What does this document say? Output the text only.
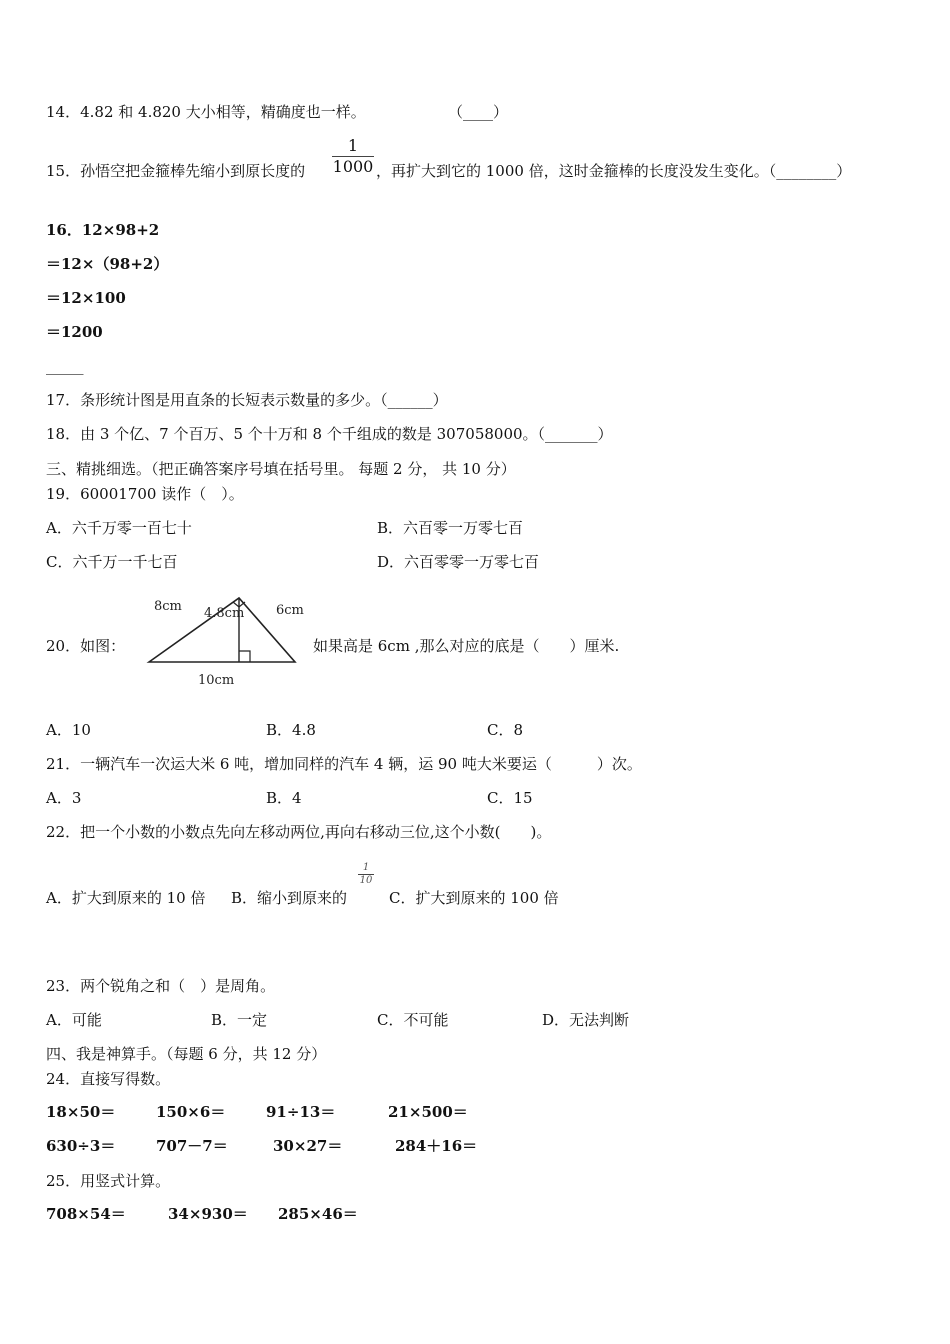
14．4.82 和 4.820 大小相等，精确度也一样。	（____）
15．孙悟空把金箍棒先缩小到原长度的
1
1000 ，再扩大到它的 1000 倍，这时金箍棒的长度没发生变化。（________）
16．12×98+2
＝12×（98+2）
＝12×100
＝1200
_____
17．条形统计图是用直条的长短表示数量的多少。（______）
18．由 3 个亿、7 个百万、5 个十万和 8 个千组成的数是 307058000。（_______）
三、精挑细选。（把正确答案序号填在括号里。 每题 2 分， 共 10 分）
19．60001700 读作（　）。
A．六千万零一百七十	B．六百零一万零七百
C．六千万一千七百	D．六百零零一万零七百
20．如图：
8cm 4.8cm 6cm
10cm
如果高是 6cm ,那么对应的底是（　　）厘米.
A．10	B．4.8	C．8
21．一辆汽车一次运大米 6 吨，增加同样的汽车 4 辆，运 90 吨大米要运（　　　）次。
A．3	B．4	C．15
22．把一个小数的小数点先向左移动两位,再向右移动三位,这个小数(　　)。
A．扩大到原来的 10 倍 B．缩小到原来的
1
10
C．扩大到原来的 100 倍
23．两个锐角之和（　）是周角。
A．可能	B．一定	C．不可能	D．无法判断
四、我是神算手。（每题 6 分，共 12 分）
24．直接写得数。
18×50＝	150×6＝	91÷13＝	21×500＝
630÷3＝	707－7＝	30×27＝	284＋16＝
25．用竖式计算。
708×54＝	34×930＝ 285×46＝
